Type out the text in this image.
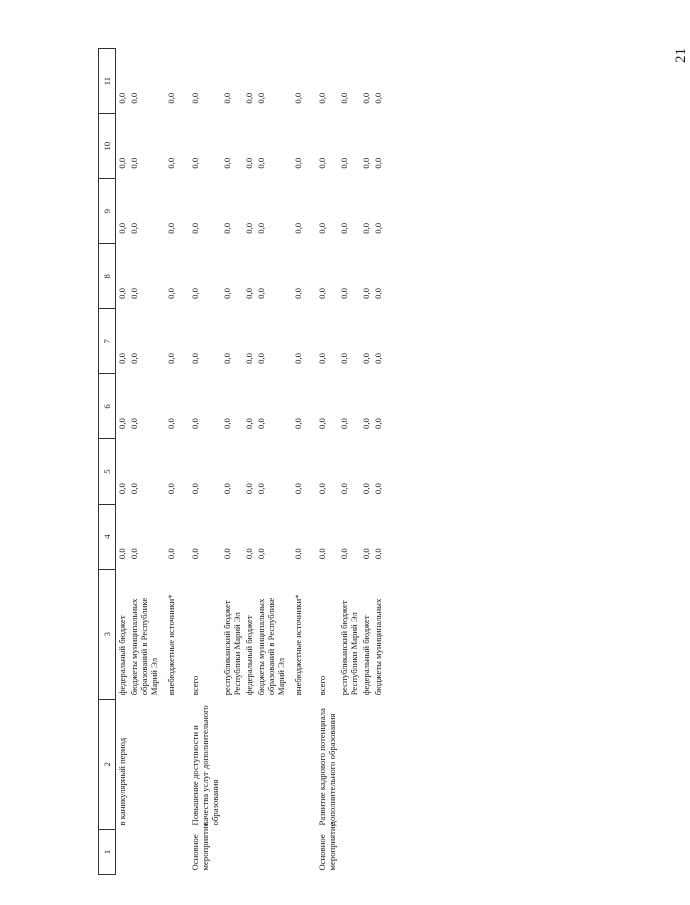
1	2	3	4	5	6	7	8	9	10	11
	в каникулярный период	федеральный бюджет	0,0	0,0	0,0	0,0	0,0	0,0	0,0	0,0
		бюджеты муниципальных образований в Республике Марий Эл	0,0	0,0	0,0	0,0	0,0	0,0	0,0	0,0
		внебюджетные источники*	0,0	0,0	0,0	0,0	0,0	0,0	0,0	0,0

Основное мероприятие	Повышение доступности и качества услуг дополнительного образования	всего	0,0	0,0	0,0	0,0	0,0	0,0	0,0	0,0
		республиканский бюджет Республики Марий Эл	0,0	0,0	0,0	0,0	0,0	0,0	0,0	0,0
		федеральный бюджет	0,0	0,0	0,0	0,0	0,0	0,0	0,0	0,0
		бюджеты муниципальных образований в Республике Марий Эл	0,0	0,0	0,0	0,0	0,0	0,0	0,0	0,0
		внебюджетные источники*	0,0	0,0	0,0	0,0	0,0	0,0	0,0	0,0

Основное мероприятие	Развитие кадрового потенциала дополнительного образования	всего	0,0	0,0	0,0	0,0	0,0	0,0	0,0	0,0
		республиканский бюджет Республики Марий Эл	0,0	0,0	0,0	0,0	0,0	0,0	0,0	0,0
		федеральный бюджет	0,0	0,0	0,0	0,0	0,0	0,0	0,0	0,0
		бюджеты муниципальных	0,0	0,0	0,0	0,0	0,0	0,0	0,0	0,0
21
